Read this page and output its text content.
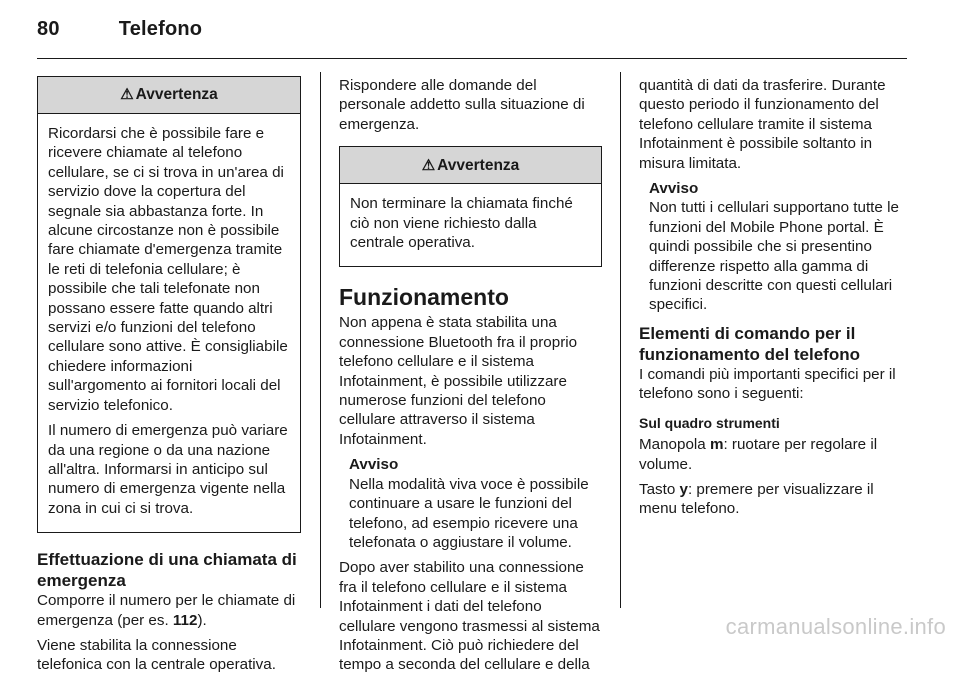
80	Telefono
⚠ Avvertenza

Ricordarsi che è possibile fare e ricevere chiamate al telefono cellulare, se ci si trova in un'area di servizio dove la copertura del segnale sia abbastanza forte. In alcune circostanze non è possibile fare chiamate d'emergenza tramite le reti di telefonia cellulare; è possibile che tali telefonate non possano essere fatte quando altri servizi e/o funzioni del telefono cellulare sono attive. È consigliabile chiedere informazioni sull'argomento ai fornitori locali del servizio telefonico.

Il numero di emergenza può variare da una regione o da una nazione all'altra. Informarsi in anticipo sul numero di emergenza vigente nella zona in cui ci si trova.

Effettuazione di una chiamata di emergenza

Comporre il numero per le chiamate di emergenza (per es. 112).

Viene stabilita la connessione telefonica con la centrale operativa.

Rispondere alle domande del personale addetto sulla situazione di emergenza.

⚠ Avvertenza

Non terminare la chiamata finché ciò non viene richiesto dalla centrale operativa.

Funzionamento

Non appena è stata stabilita una connessione Bluetooth fra il proprio telefono cellulare e il sistema Infotainment, è possibile utilizzare numerose funzioni del telefono cellulare attraverso il sistema Infotainment.

Avviso
Nella modalità viva voce è possibile continuare a usare le funzioni del telefono, ad esempio ricevere una telefonata o aggiustare il volume.

Dopo aver stabilito una connessione fra il telefono cellulare e il sistema Infotainment i dati del telefono cellulare vengono trasmessi al sistema Infotainment. Ciò può richiedere del tempo a seconda del cellulare e della

quantità di dati da trasferire. Durante questo periodo il funzionamento del telefono cellulare tramite il sistema Infotainment è possibile soltanto in misura limitata.

Avviso
Non tutti i cellulari supportano tutte le funzioni del Mobile Phone portal. È quindi possibile che si presentino differenze rispetto alla gamma di funzioni descritte con questi cellulari specifici.
Elementi di comando per il funzionamento del telefono

I comandi più importanti specifici per il telefono sono i seguenti:

Sul quadro strumenti

Manopola m: ruotare per regolare il volume.

Tasto y: premere per visualizzare il menu telefono.

carmanualsonline.info
